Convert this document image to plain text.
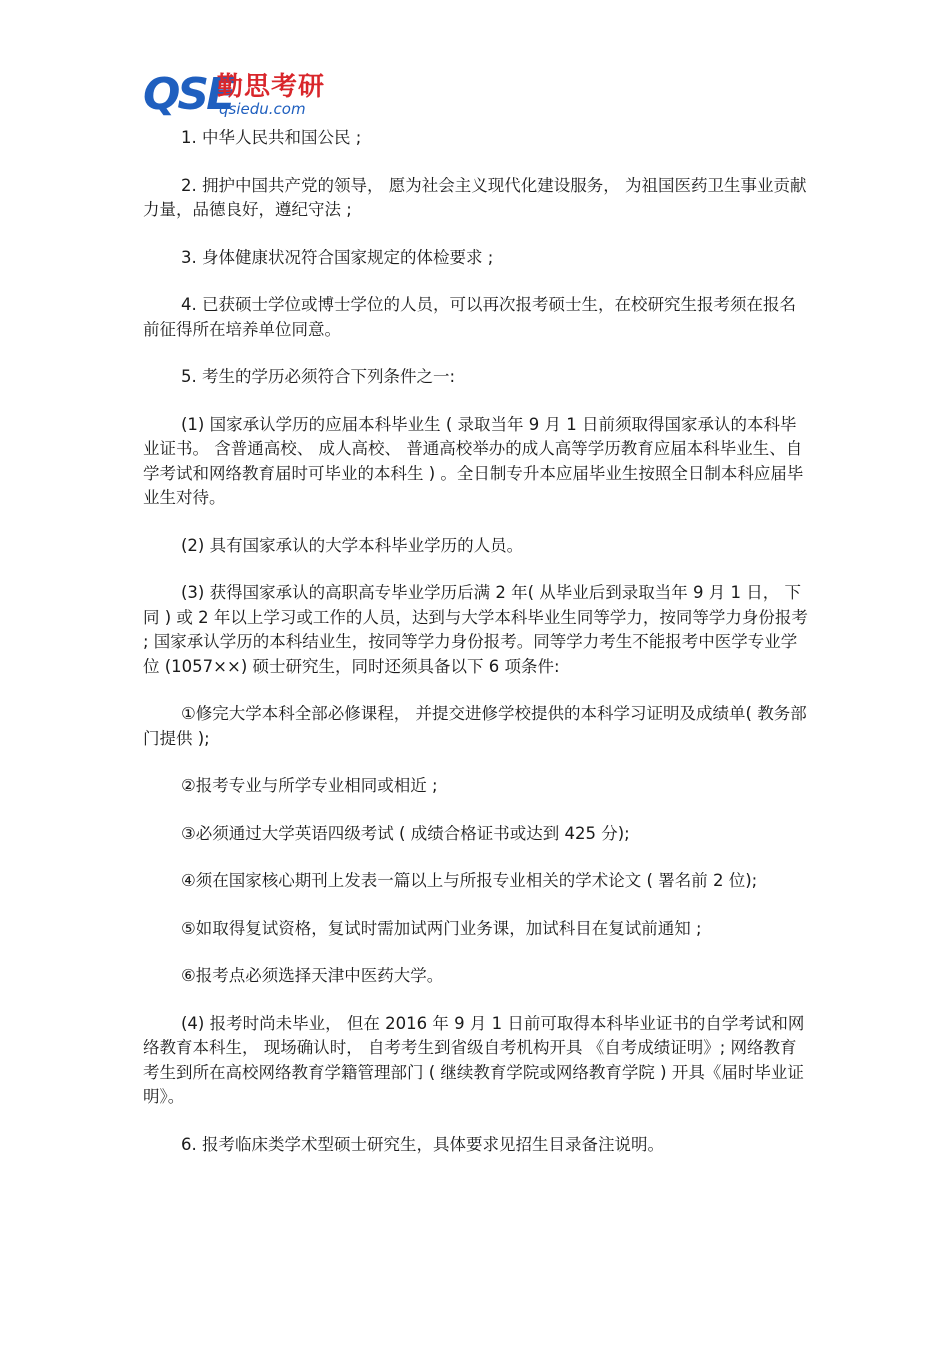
QSE
勤思考研
qsiedu.com

1. 中华人民共和国公民 ;

2. 拥护中国共产党的领导， 愿为社会主义现代化建设服务， 为祖国医药卫生事业贡献力量，品德良好，遵纪守法 ;

3. 身体健康状况符合国家规定的体检要求 ;

4. 已获硕士学位或博士学位的人员，可以再次报考硕士生，在校研究生报考须在报名前征得所在培养单位同意。

5. 考生的学历必须符合下列条件之一:

(1) 国家承认学历的应届本科毕业生 ( 录取当年 9 月 1 日前须取得国家承认的本科毕业证书。 含普通高校、 成人高校、 普通高校举办的成人高等学历教育应届本科毕业生、自学考试和网络教育届时可毕业的本科生 ) 。全日制专升本应届毕业生按照全日制本科应届毕业生对待。

(2) 具有国家承认的大学本科毕业学历的人员。

(3) 获得国家承认的高职高专毕业学历后满 2 年( 从毕业后到录取当年 9 月 1 日， 下同 ) 或 2 年以上学习或工作的人员，达到与大学本科毕业生同等学力，按同等学力身份报考 ; 国家承认学历的本科结业生，按同等学力身份报考。同等学力考生不能报考中医学专业学位 (1057××) 硕士研究生，同时还须具备以下 6 项条件:

①修完大学本科全部必修课程， 并提交进修学校提供的本科学习证明及成绩单( 教务部门提供 );

②报考专业与所学专业相同或相近 ;

③必须通过大学英语四级考试 ( 成绩合格证书或达到 425 分);

④须在国家核心期刊上发表一篇以上与所报专业相关的学术论文 ( 署名前 2 位);

⑤如取得复试资格，复试时需加试两门业务课，加试科目在复试前通知 ;

⑥报考点必须选择天津中医药大学。

(4) 报考时尚未毕业， 但在 2016 年 9 月 1 日前可取得本科毕业证书的自学考试和网络教育本科生， 现场确认时， 自考考生到省级自考机构开具 《自考成绩证明》; 网络教育考生到所在高校网络教育学籍管理部门 ( 继续教育学院或网络教育学院 ) 开具《届时毕业证明》。

6. 报考临床类学术型硕士研究生，具体要求见招生目录备注说明。
